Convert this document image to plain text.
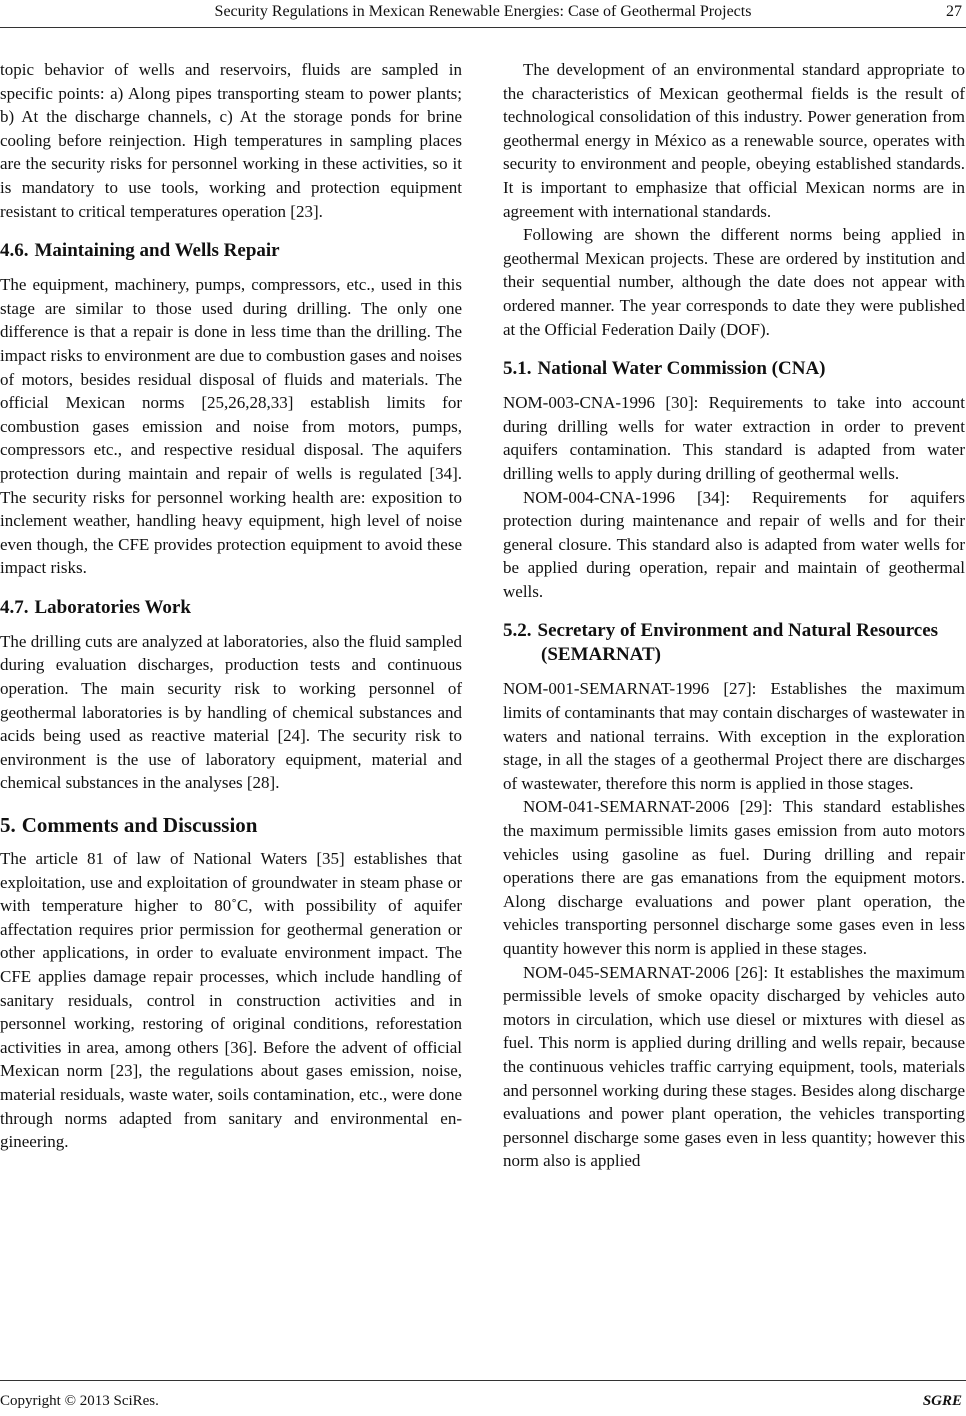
Security Regulations in Mexican Renewable Energies: Case of Geothermal Projects	27

topic behavior of wells and reservoirs, fluids are sampled in specific points: a) Along pipes transporting steam to power plants; b) At the discharge channels, c) At the storage ponds for brine cooling before reinjection. High temperatures in sampling places are the security risks for personnel working in these activities, so it is mandatory to use tools, working and protection equipment resistant to critical temperatures operation [23].

4.6. Maintaining and Wells Repair

The equipment, machinery, pumps, compressors, etc., used in this stage are similar to those used during drilling. The only one difference is that a repair is done in less time than the drilling. The impact risks to environment are due to combustion gases and noises of motors, besides residual disposal of fluids and materials. The official Mexican norms [25,26,28,33] establish limits for combustion gases emission and noise from motors, pumps, compressors etc., and respective residual disposal. The aquifers protection during maintain and repair of wells is regulated [34]. The security risks for personnel working health are: exposition to inclement weather, handling heavy equipment, high level of noise even though, the CFE provides protection equipment to avoid these impact risks.

4.7. Laboratories Work

The drilling cuts are analyzed at laboratories, also the fluid sampled during evaluation discharges, production tests and continuous operation. The main security risk to working personnel of geothermal laboratories is by handling of chemical substances and acids being used as reactive material [24]. The security risk to environment is the use of laboratory equipment, material and chemical substances in the analyses [28].

5. Comments and Discussion

The article 81 of law of National Waters [35] establishes that exploitation, use and exploitation of groundwater in steam phase or with temperature higher to 80˚C, with possibility of aquifer affectation requires prior permission for geothermal generation or other applications, in order to evaluate environment impact. The CFE applies damage repair processes, which include handling of sanitary residuals, control in construction activities and in personnel working, restoring of original conditions, reforestation activities in area, among others [36]. Before the advent of official Mexican norm [23], the regulations about gases emission, noise, material residuals, waste water, soils contamination, etc., were done through norms adapted from sanitary and environmental engineering.

The development of an environmental standard appropriate to the characteristics of Mexican geothermal fields is the result of technological consolidation of this industry. Power generation from geothermal energy in México as a renewable source, operates with security to environment and people, obeying established standards. It is important to emphasize that official Mexican norms are in agreement with international standards.

Following are shown the different norms being applied in geothermal Mexican projects. These are ordered by institution and their sequential number, although the date does not appear with ordered manner. The year corresponds to date they were published at the Official Federation Daily (DOF).

5.1. National Water Commission (CNA)

NOM-003-CNA-1996 [30]: Requirements to take into account during drilling wells for water extraction in order to prevent aquifers contamination. This standard is adapted from water drilling wells to apply during drilling of geothermal wells.

NOM-004-CNA-1996 [34]: Requirements for aquifers protection during maintenance and repair of wells and for their general closure. This standard also is adapted from water wells for be applied during operation, repair and maintain of geothermal wells.

5.2. Secretary of Environment and Natural Resources (SEMARNAT)

NOM-001-SEMARNAT-1996 [27]: Establishes the maximum limits of contaminants that may contain discharges of wastewater in waters and national terrains. With exception in the exploration stage, in all the stages of a geothermal Project there are discharges of wastewater, therefore this norm is applied in those stages.

NOM-041-SEMARNAT-2006 [29]: This standard establishes the maximum permissible limits gases emission from auto motors vehicles using gasoline as fuel. During drilling and repair operations there are gas emanations from the equipment motors. Along discharge evaluations and power plant operation, the vehicles transporting personnel discharge some gases even in less quantity however this norm is applied in these stages.

NOM-045-SEMARNAT-2006 [26]: It establishes the maximum permissible levels of smoke opacity discharged by vehicles auto motors in circulation, which use diesel or mixtures with diesel as fuel. This norm is applied during drilling and wells repair, because the continuous vehicles traffic carrying equipment, tools, materials and personnel working during these stages. Besides along discharge evaluations and power plant operation, the vehicles transporting personnel discharge some gases even in less quantity; however this norm also is applied

Copyright © 2013 SciRes.	SGRE
